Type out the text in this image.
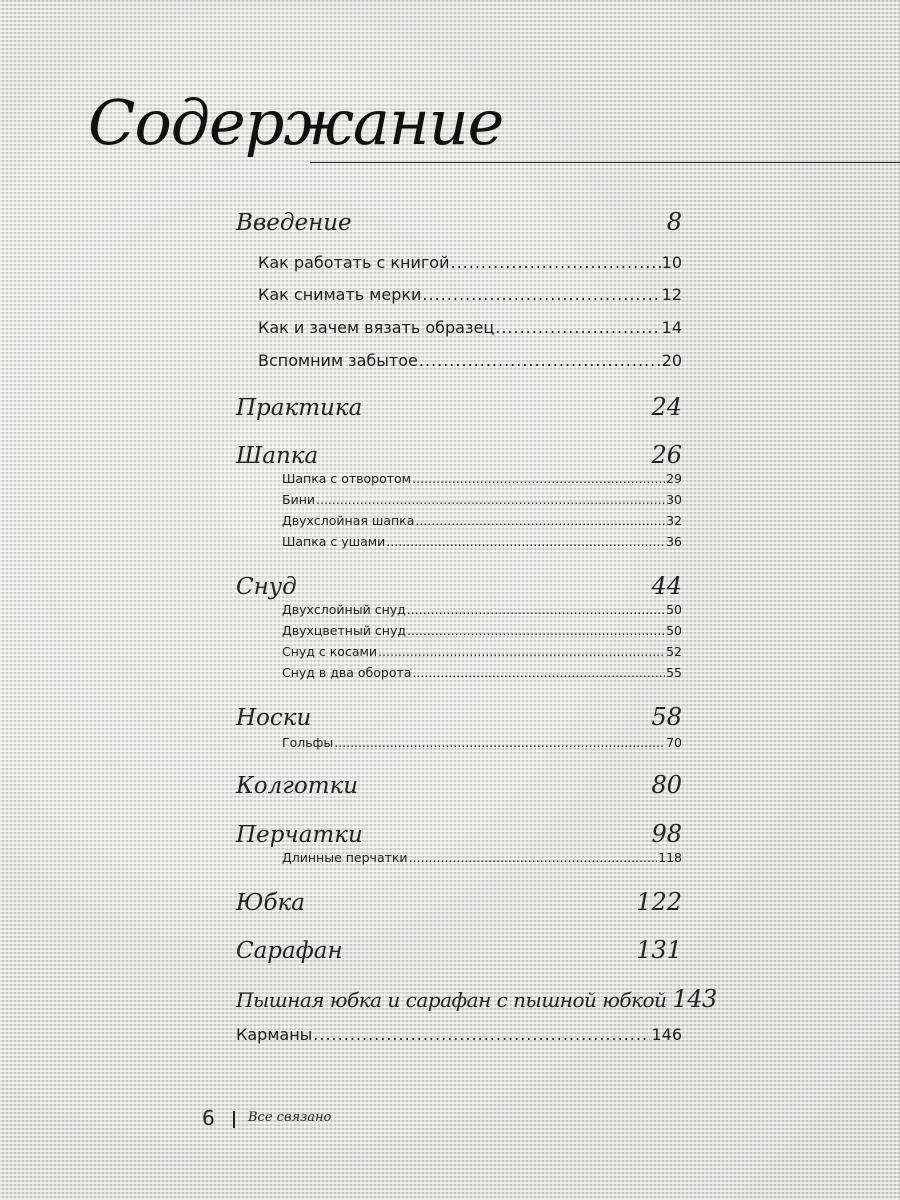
Содержание
Введение	8
Как работать с книгой .....	10
Как снимать мерки .....	12
Как и зачем вязать образец .....	14
Вспомним забытое .....	20
Практика	24
Шапка	26
Шапка с отворотом .....	29
Бини .....	30
Двухслойная шапка .....	32
Шапка с ушами .....	36
Снуд	44
Двухслойный снуд .....	50
Двухцветный снуд .....	50
Снуд с косами .....	52
Снуд в два оборота .....	55
Носки	58
Гольфы .....	70
Колготки	80
Перчатки	98
Длинные перчатки .....	118
Юбка	122
Сарафан	131
Пышная юбка и сарафан с пышной юбкой 143
Карманы .....	146
6	Все связано
